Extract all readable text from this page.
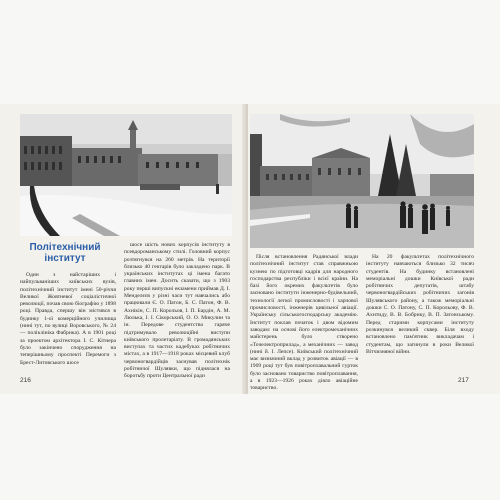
Політехнічний інститут

Один з найстаріших і найпульваніших київських вузів, політехнічний інститут імені 50-річчя Великої Жовтневої соціалістичної революції, почав свою біографію у 1898 році. Правда, спершу він містився в будинку 1-ої комерційного училища (нині тут, по вулиці Воровського, № 24 — поліклініка Фабрика). А в 1901 році за проектом архітектора І. С. Кітнера було закінчено спорудження на теперішньому проспекті Перемоги з Брест-Литовського шосе

шосе шість нових корпусів інституту в псевдороманському стилі. Головний корпус розтягнувся на 260 метрів. На території близько 40 гектарів було закладено парк. В українських інститутах ці імена багато главних імен. Досить сказати, що з 1903 року перші випускні екзамени приймав Д. І. Менделєєв у різні часи тут навчались або працювали Є. О. Патон, Б. С. Патон, Ф. В. Ахнікін, С. П. Корольов, І. П. Бардін, А. М. Люлька, І. І. Сікорський, О. О. Микулин та ін. Передове студентство гаряче підтримувало революційні виступи київського пролетаріату. В громадянських виступах та частих кадебуках робітничих містах, а в 1917—1918 роках місцевий клуб червоногвардійців заснував політехнік робітничої Шулявки, що піднялася на боротьбу проти Центральної ради

216

Після встановлення Радянської влади політехнічний інститут став справжньою кузнею по підготовці кадрів для народного господарства республіки і всієї країни. На базі його окремих факультетів було засновано інститути інженерно-будівельний, технології легкої промисловості і харчової промисловості, інженерів цивільної авіації. Українську сільськогосподарську академію. Інститут поклав початок і двом відомим заводам: на основі його електромеханічних майстерень було створено «Точелектроприлад», а механічних — завод (нині й. І. Лепсе). Київський політехнічний має визначний вклад у розвиток авіації — в 1909 році тут був повітроплавальний гурток було засновано товариство повітроплавання, а в 1923—1926 роках діяло авіаційне товариство.

На 20 факультетах політехнічного інституту навчаються близько 32 тисяч студентів. На будинку встановлені меморіальні дошки Київської ради робітничих депутатів, штабу червоногвардійських робітничих загонів Шулявського району, а також меморіальні дошки С. О. Патону, С. П. Корольову, Ф. В. Ахнтиду, В. В. Бобрику, В. П. Затонському. Перед старими корпусами інституту розкинувся великий сквер. Біля входу встановлено пам'ятник викладачам і студентам, що загинули в роки Великої Вітчизняної війни.

217
